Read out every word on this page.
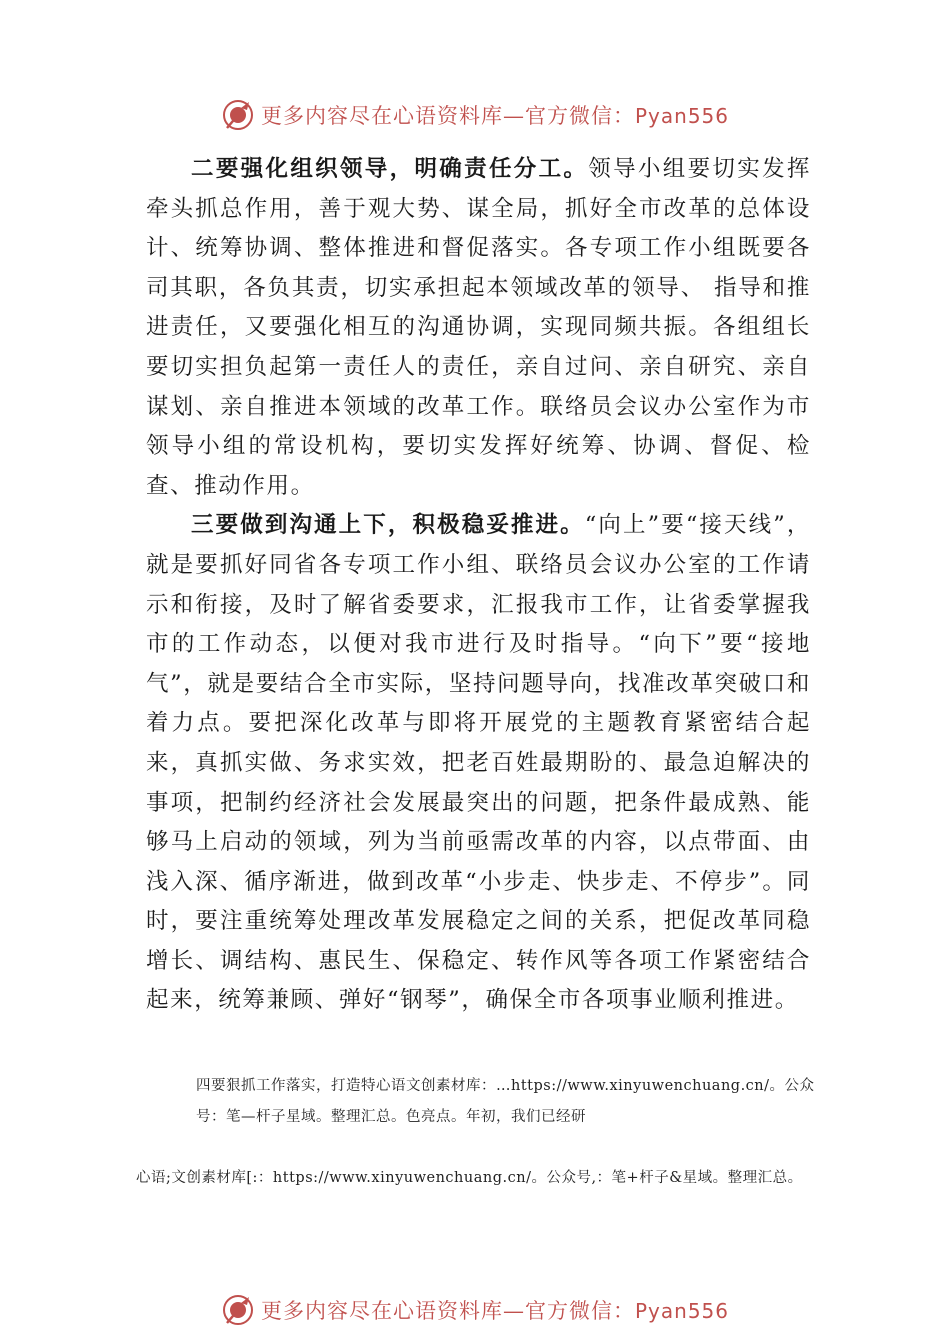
更多内容尽在心语资料库—官方微信：Pyan556

二要强化组织领导，明确责任分工。领导小组要切实发挥牵头抓总作用，善于观大势、谋全局，抓好全市改革的总体设计、统筹协调、整体推进和督促落实。各专项工作小组既要各司其职，各负其责，切实承担起本领域改革的领导、 指导和推进责任，又要强化相互的沟通协调，实现同频共振。各组组长要切实担负起第一责任人的责任，亲自过问、亲自研究、亲自谋划、亲自推进本领域的改革工作。联络员会议办公室作为市领导小组的常设机构，要切实发挥好统筹、协调、督促、检查、推动作用。

三要做到沟通上下，积极稳妥推进。“向上”要“接天线”，就是要抓好同省各专项工作小组、联络员会议办公室的工作请示和衔接，及时了解省委要求，汇报我市工作，让省委掌握我市的工作动态，以便对我市进行及时指导。“向下”要“接地气”，就是要结合全市实际，坚持问题导向，找准改革突破口和着力点。要把深化改革与即将开展党的主题教育紧密结合起来，真抓实做、务求实效，把老百姓最期盼的、最急迫解决的事项，把制约经济社会发展最突出的问题，把条件最成熟、能够马上启动的领域，列为当前亟需改革的内容，以点带面、由浅入深、循序渐进，做到改革“小步走、快步走、不停步”。同时，要注重统筹处理改革发展稳定之间的关系，把促改革同稳增长、调结构、惠民生、保稳定、转作风等各项工作紧密结合起来，统筹兼顾、弹好“钢琴”，确保全市各项事业顺利推进。

四要狠抓工作落实，打造特心语文创素材库：…https://www.xinyuwenchuang.cn/。公众号：笔—杆子星域。整理汇总。色亮点。年初，我们已经研
心语;文创素材库[:：https://www.xinyuwenchuang.cn/。公众号,：笔+杆子&星域。整理汇总。
更多内容尽在心语资料库—官方微信：Pyan556
